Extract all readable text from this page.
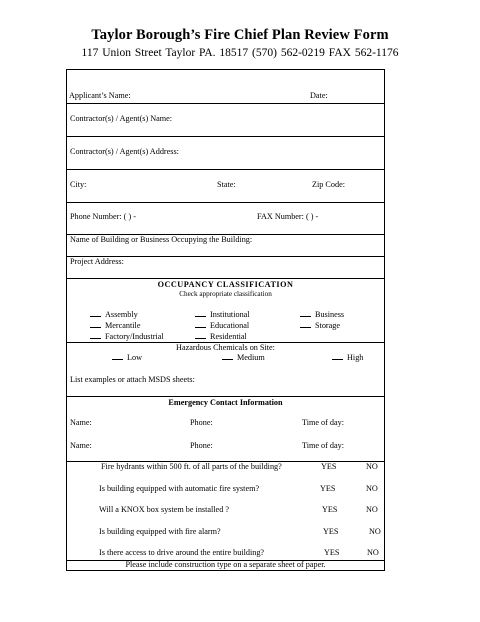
Taylor Borough’s Fire Chief Plan Review Form
117 Union Street Taylor PA. 18517 (570) 562-0219 FAX 562-1176
Applicant’s Name:	Date:
Contractor(s) / Agent(s) Name:
Contractor(s) / Agent(s) Address:
City:	State:	Zip Code:
Phone Number: ( ) -	FAX Number: ( ) -
Name of Building or Business Occupying the Building:
Project Address:
OCCUPANCY CLASSIFICATION
Check appropriate classification
Assembly
Mercantile
Factory/Industrial
Institutional
Educational
Residential
Business
Storage
Hazardous Chemicals on Site:
Low	Medium	High
List examples or attach MSDS sheets:
Emergency Contact Information
Name:	Phone:	Time of day:
Name:	Phone:	Time of day:
Fire hydrants within 500 ft. of all parts of the building?	YES	NO
Is building equipped with automatic fire system?	YES	NO
Will a KNOX box system be installed ?	YES	NO
Is building equipped with fire alarm?	YES	NO
Is there access to drive around the entire building?	YES	NO
Please include construction type on a separate sheet of paper.
